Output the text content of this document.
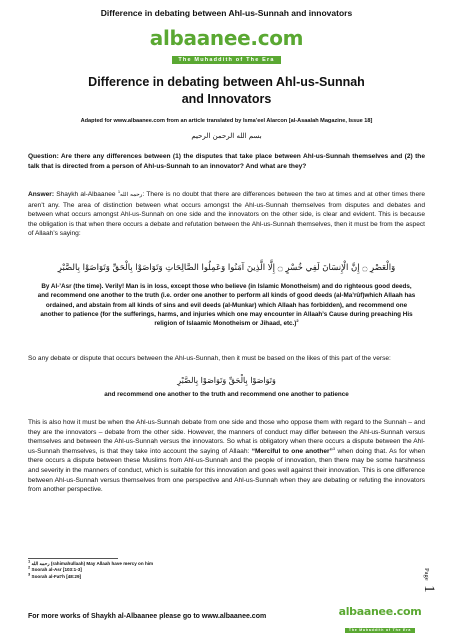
Difference in debating between Ahl-us-Sunnah and innovators
albaanee.com
The Muhaddith of The Era
Difference in debating between Ahl-us-Sunnah
and Innovators
Adapted for www.albaanee.com from an article translated by Isma’eel Alarcon [al-Asaalah Magazine, Issue 18]
بسم الله الرحمن الرحيم
Question: Are there any differences between (1) the disputes that take place between Ahl-us-Sunnah themselves and (2) the talk that is directed from a person of Ahl-us-Sunnah to an innovator? And what are they?
Answer: Shaykh al-Albaanee رحمه الله$^1$	: There is no doubt that there are differences between the two at times and at other times there aren’t any. The area of distinction between what occurs amongst the Ahl-us-Sunnah themselves from disputes and debates and between what occurs amongst Ahl-us-Sunnah on one side and the innovators on the other side, is clear and evident. This is because the obligation is that when there occurs a debate and refutation between the Ahl-us-Sunnah themselves, then it must be from the aspect of Allaah’s saying:
وَالْعَصْرِ ۝ إِنَّ الْإِنسَانَ لَفِي خُسْرٍ ۝ إِلَّا الَّذِينَ آمَنُوا وَعَمِلُوا الصَّالِحَاتِ وَتَوَاصَوْا بِالْحَقِّ وَتَوَاصَوْا بِالصَّبْرِ
By Al-’Asr (the time). Verily! Man is in loss, except those who believe (in Islamic Monotheism) and do righteous good deeds, and recommend one another to the truth (i.e. order one another to perform all kinds of good deeds (al-Ma’rûf)which Allaah has ordained, and abstain from all kinds of sins and evil deeds (al-Munkar) which Allaah has forbidden), and recommend one another to patience (for the sufferings, harms, and injuries which one may encounter in Allaah’s Cause during preaching His religion of Islaamic Monotheism or Jihaad, etc.)$^2$
So any debate or dispute that occurs between the Ahl-us-Sunnah, then it must be based on the likes of this part of the verse:
وَتَوَاصَوْا بِالْحَقِّ وَتَوَاصَوْا بِالصَّبْرِ
and recommend one another to the truth and recommend one another to patience
This is also how it must be when the Ahl-us-Sunnah debate from one side and those who oppose them with regard to the Sunnah – and they are the innovators – debate from the other side. However, the manners of conduct may differ between the Ahl-us-Sunnah versus themselves and between the Ahl-us-Sunnah versus the innovators. So what is obligatory when there occurs a dispute between the Ahl-us-Sunnah themselves, is that they take into account the saying of Allaah: “Merciful to one another”$^3$ when doing that. As for when there occurs a dispute between these Muslims from Ahl-us-Sunnah and the people of innovation, then there may be some harshness and severity in the manners of conduct, which is suitable for this innovation and goes well against their innovation. This is one difference between Ahl-us-Sunnah versus themselves from one perspective and Ahl-us-Sunnah when they are debating or refuting the innovators from another perspective.
$^1$ رحمه الله (rahimahullaah) May Allaah have mercy on him
$^2$ Soorah al-Asr [103:1-3]
$^3$ Soorah al-Fat’h [48:29]
For more works of Shaykh al-Albaanee please go to www.albaanee.com	albaanee.com
The Muhaddith of The Era
Page 1
